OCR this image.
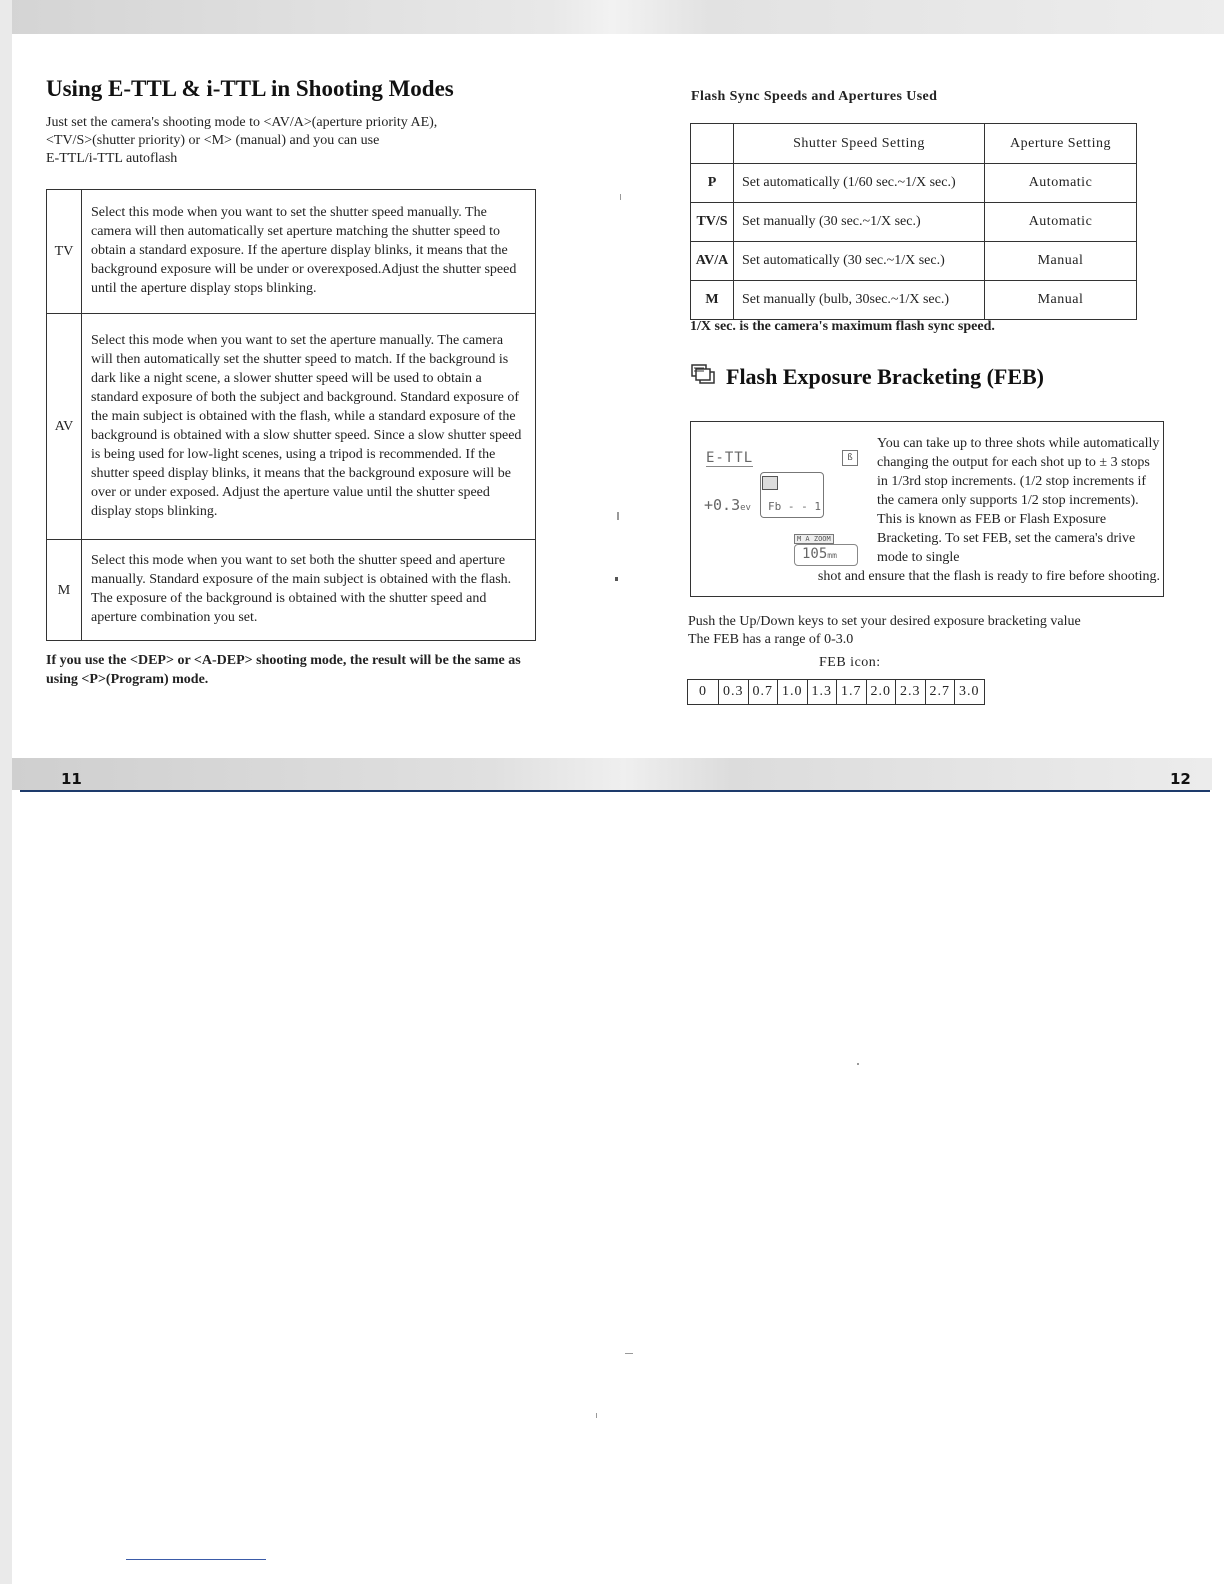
Using E-TTL & i-TTL in Shooting Modes
Just set the camera's shooting mode to <AV/A>(aperture priority AE),
<TV/S>(shutter priority) or <M> (manual) and you can use
E-TTL/i-TTL autoflash
TV	Select this mode when you want to set the shutter speed manually. The camera will then automatically set aperture matching the shutter speed to obtain a standard exposure. If the aperture display blinks, it means that the background exposure will be under or overexposed.Adjust the shutter speed until the aperture display stops blinking.
AV	Select this mode when you want to set the aperture manually. The camera will then automatically set the shutter speed to match. If the background is dark like a night scene, a slower shutter speed will be used to obtain a standard exposure of both the subject and background. Standard exposure of the main subject is obtained with the flash, while a standard exposure of the background is obtained with a slow shutter speed. Since a slow shutter speed is being used for low-light scenes, using a tripod is recommended. If the shutter speed display blinks, it means that the background exposure will be over or under exposed. Adjust the aperture value until the shutter speed display stops blinking.
M	Select this mode when you want to set both the shutter speed and aperture manually. Standard exposure of the main subject is obtained with the flash. The exposure of the background is obtained with the shutter speed and aperture combination you set.
If you use the <DEP> or <A-DEP> shooting mode, the result will be the same as using <P>(Program) mode.
Flash Sync Speeds and Apertures Used
	Shutter Speed Setting	Aperture Setting
P	Set automatically (1/60 sec.~1/X sec.)	Automatic
TV/S	Set manually (30 sec.~1/X sec.)	Automatic
AV/A	Set automatically (30 sec.~1/X sec.)	Manual
M	Set manually (bulb, 30sec.~1/X sec.)	Manual
1/X sec. is the camera's maximum flash sync speed.
Flash Exposure Bracketing (FEB)
E-TTL	ß
+0.3ev Fb - - 1
M A ZOOM
105mm
You can take up to three shots while automatically changing the output for each shot up to ± 3 stops in 1/3rd stop increments. (1/2 stop increments if the camera only supports 1/2 stop increments). This is known as FEB or Flash Exposure Bracketing. To set FEB, set the camera's drive mode to single
shot and ensure that the flash is ready to fire before shooting.
Push the Up/Down keys to set your desired exposure bracketing value
The FEB has a range of 0-3.0
FEB icon:
0	0.3 0.7 1.0 1.3 1.7 2.0 2.3 2.7 3.0
11	12
